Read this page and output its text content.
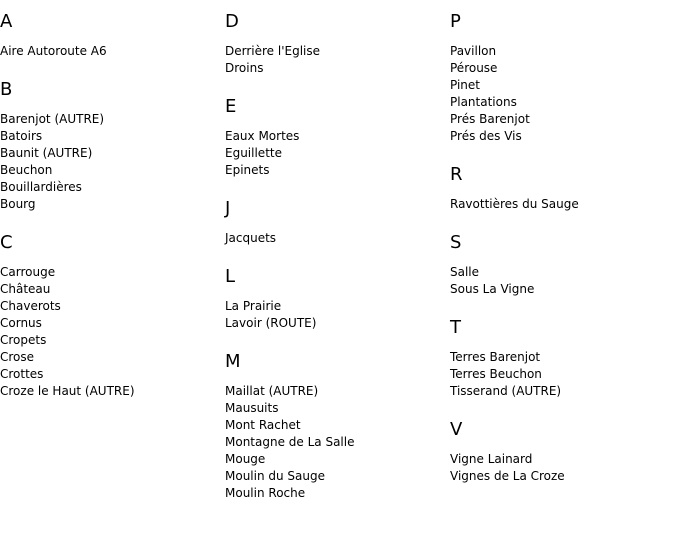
A
Aire Autoroute A6
B
Barenjot (AUTRE)
Batoirs
Baunit (AUTRE)
Beuchon
Bouillardières
Bourg
C
Carrouge
Château
Chaverots
Cornus
Cropets
Crose
Crottes
Croze le Haut (AUTRE)
D
Derrière l'Eglise
Droins
E
Eaux Mortes
Eguillette
Epinets
J
Jacquets
L
La Prairie
Lavoir (ROUTE)
M
Maillat (AUTRE)
Mausuits
Mont Rachet
Montagne de La Salle
Mouge
Moulin du Sauge
Moulin Roche
P
Pavillon
Pérouse
Pinet
Plantations
Prés Barenjot
Prés des Vis
R
Ravottières du Sauge
S
Salle
Sous La Vigne
T
Terres Barenjot
Terres Beuchon
Tisserand (AUTRE)
V
Vigne Lainard
Vignes de La Croze
